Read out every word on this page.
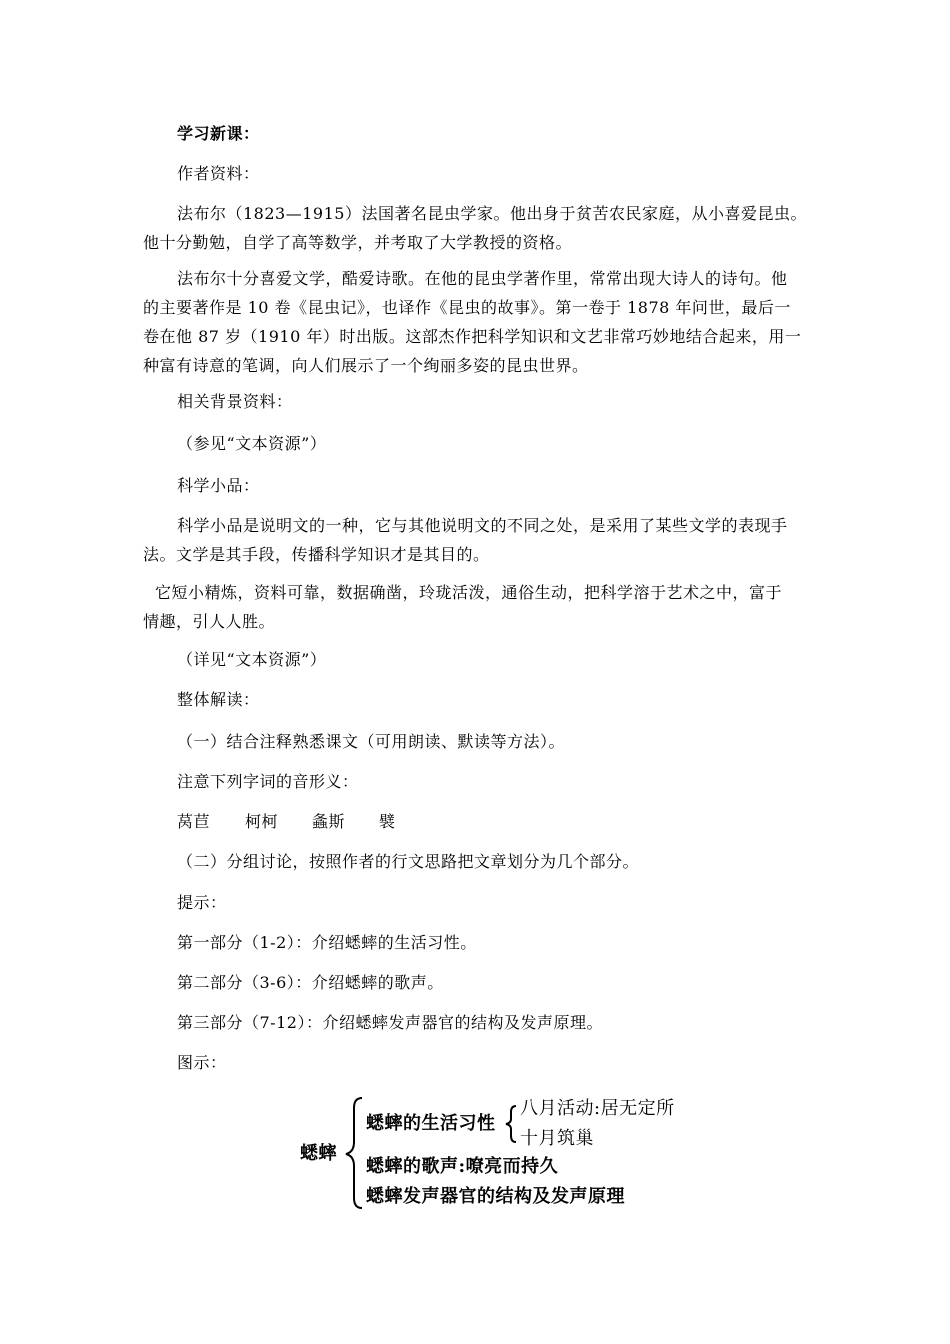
学习新课：
作者资料：
法布尔（1823—1915）法国著名昆虫学家。他出身于贫苦农民家庭，从小喜爱昆虫。
他十分勤勉，自学了高等数学，并考取了大学教授的资格。
法布尔十分喜爱文学，酷爱诗歌。在他的昆虫学著作里，常常出现大诗人的诗句。他
的主要著作是 10 卷《昆虫记》，也译作《昆虫的故事》。第一卷于 1878 年问世，最后一
卷在他 87 岁（1910 年）时出版。这部杰作把科学知识和文艺非常巧妙地结合起来，用一
种富有诗意的笔调，向人们展示了一个绚丽多姿的昆虫世界。
相关背景资料：
（参见“文本资源”）
科学小品：
科学小品是说明文的一种，它与其他说明文的不同之处，是采用了某些文学的表现手
法。文学是其手段，传播科学知识才是其目的。
它短小精炼，资料可靠，数据确凿，玲珑活泼，通俗生动，把科学溶于艺术之中，富于
情趣，引人人胜。
（详见“文本资源”）
整体解读：
（一）结合注释熟悉课文（可用朗读、默读等方法）。
注意下列字词的音形义：
莴苣 柯柯 螽斯 襞
（二）分组讨论，按照作者的行文思路把文章划分为几个部分。
提示：
第一部分（1-2）：介绍蟋蟀的生活习性。
第二部分（3-6）：介绍蟋蟀的歌声。
第三部分（7-12）：介绍蟋蟀发声器官的结构及发声原理。
图示：
蟋蟀
蟋蟀的生活习性
八月活动:居无定所
十月筑巢
蟋蟀的歌声:嘹亮而持久
蟋蟀发声器官的结构及发声原理
